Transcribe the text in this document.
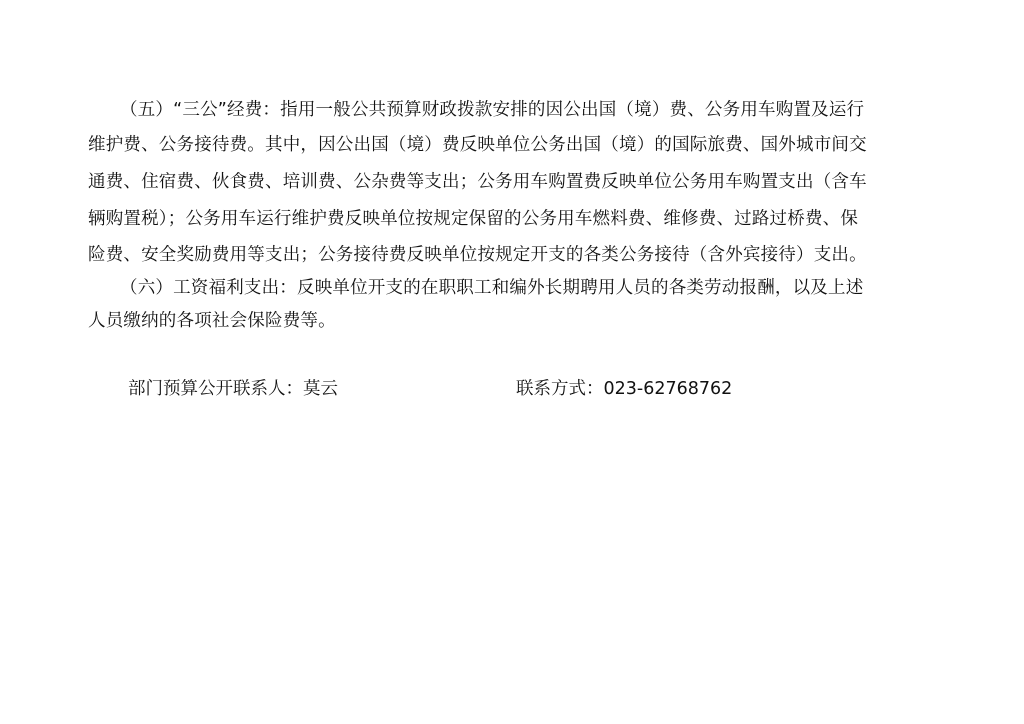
（五）“三公”经费：指用一般公共预算财政拨款安排的因公出国（境）费、公务用车购置及运行
维护费、公务接待费。其中，因公出国（境）费反映单位公务出国（境）的国际旅费、国外城市间交
通费、住宿费、伙食费、培训费、公杂费等支出；公务用车购置费反映单位公务用车购置支出（含车
辆购置税）；公务用车运行维护费反映单位按规定保留的公务用车燃料费、维修费、过路过桥费、保
险费、安全奖励费用等支出；公务接待费反映单位按规定开支的各类公务接待（含外宾接待）支出。
（六）工资福利支出：反映单位开支的在职职工和编外长期聘用人员的各类劳动报酬，以及上述
人员缴纳的各项社会保险费等。
部门预算公开联系人：莫云	联系方式：023-62768762
